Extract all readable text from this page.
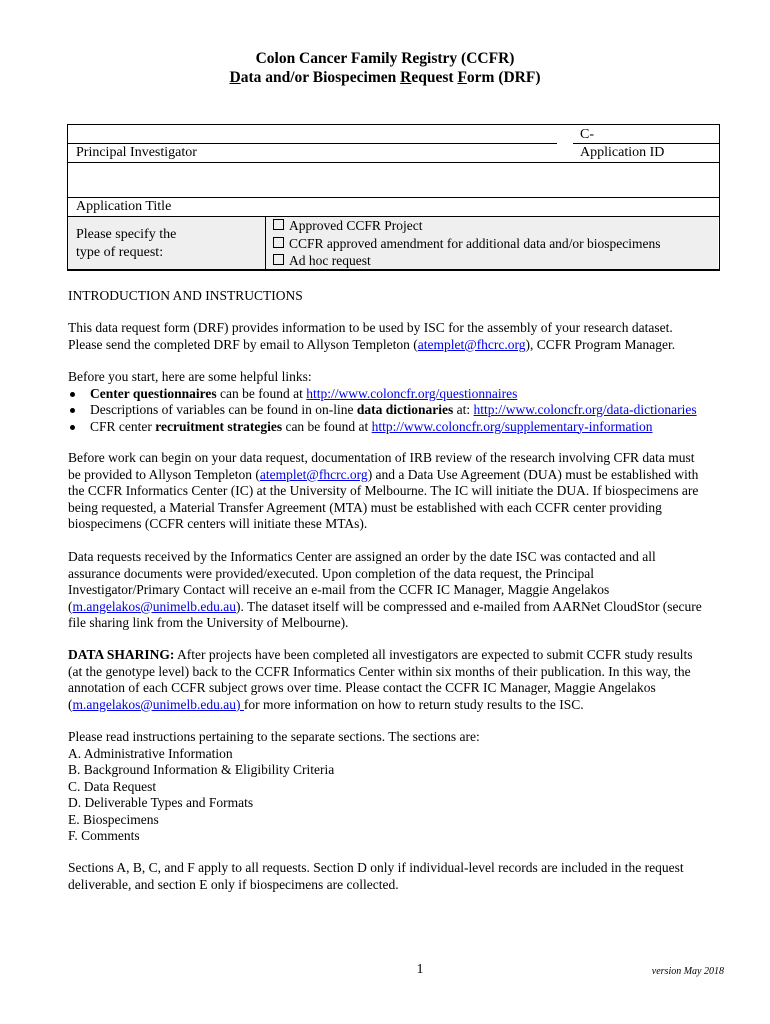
Colon Cancer Family Registry (CCFR)
Data and/or Biospecimen Request Form (DRF)
Principal Investigator
C-
Application ID
Application Title
Please specify the
type of request:
Approved CCFR Project
CCFR approved amendment for additional data and/or biospecimens
Ad hoc request
INTRODUCTION AND INSTRUCTIONS

This data request form (DRF) provides information to be used by ISC for the assembly of your research dataset.

Please send the completed DRF by email to Allyson Templeton (atemplet@fhcrc.org), CCFR Program Manager.

Before you start, here are some helpful links:

Center questionnaires can be found at http://www.coloncfr.org/questionnaires

Descriptions of variables can be found in on-line data dictionaries at: http://www.coloncfr.org/data-dictionaries

CFR center recruitment strategies can be found at http://www.coloncfr.org/supplementary-information

Before work can begin on your data request, documentation of IRB review of the research involving CFR data must

be provided to Allyson Templeton (atemplet@fhcrc.org) and a Data Use Agreement (DUA) must be established with

the CCFR Informatics Center (IC) at the University of Melbourne. The IC will initiate the DUA. If biospecimens are

being requested, a Material Transfer Agreement (MTA) must be established with each CCFR center providing

biospecimens (CCFR centers will initiate these MTAs).

Data requests received by the Informatics Center are assigned an order by the date ISC was contacted and all

assurance documents were provided/executed. Upon completion of the data request, the Principal

Investigator/Primary Contact will receive an e-mail from the CCFR IC Manager, Maggie Angelakos

(m.angelakos@unimelb.edu.au). The dataset itself will be compressed and e-mailed from AARNet CloudStor (secure

file sharing link from the University of Melbourne).

DATA SHARING: After projects have been completed all investigators are expected to submit CCFR study results

(at the genotype level) back to the CCFR Informatics Center within six months of their publication. In this way, the

annotation of each CCFR subject grows over time. Please contact the CCFR IC Manager, Maggie Angelakos

(m.angelakos@unimelb.edu.au) for more information on how to return study results to the ISC.

Please read instructions pertaining to the separate sections. The sections are:

A. Administrative Information

B. Background Information & Eligibility Criteria

C. Data Request

D. Deliverable Types and Formats

E. Biospecimens

F. Comments

Sections A, B, C, and F apply to all requests. Section D only if individual-level records are included in the request

deliverable, and section E only if biospecimens are collected.

1	version May 2018
